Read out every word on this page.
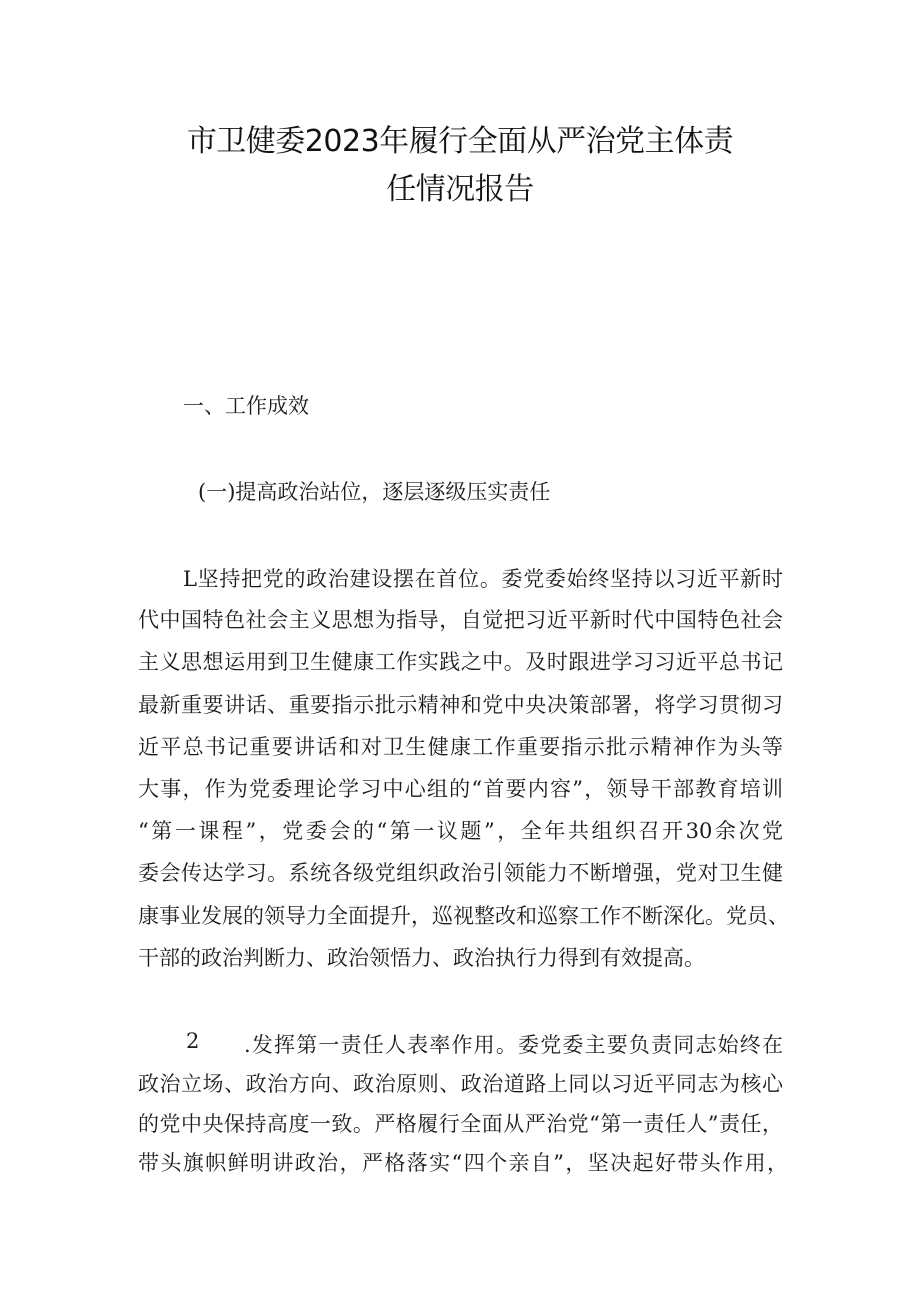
市卫健委2023年履行全面从严治党主体责
任情况报告
一、工作成效
(一)提高政治站位，逐层逐级压实责任
L坚持把党的政治建设摆在首位。委党委始终坚持以习近平新时
代中国特色社会主义思想为指导，自觉把习近平新时代中国特色社会
主义思想运用到卫生健康工作实践之中。及时跟进学习习近平总书记
最新重要讲话、重要指示批示精神和党中央决策部署，将学习贯彻习
近平总书记重要讲话和对卫生健康工作重要指示批示精神作为头等
大事，作为党委理论学习中心组的“首要内容”，领导干部教育培训
“第一课程”，党委会的“第一议题”，全年共组织召开30余次党
委会传达学习。系统各级党组织政治引领能力不断增强，党对卫生健
康事业发展的领导力全面提升，巡视整改和巡察工作不断深化。党员、
干部的政治判断力、政治领悟力、政治执行力得到有效提高。
2 .发挥第一责任人表率作用。委党委主要负责同志始终在
政治立场、政治方向、政治原则、政治道路上同以习近平同志为核心
的党中央保持高度一致。严格履行全面从严治党“第一责任人”责任，
带头旗帜鲜明讲政治，严格落实“四个亲自”，坚决起好带头作用，
